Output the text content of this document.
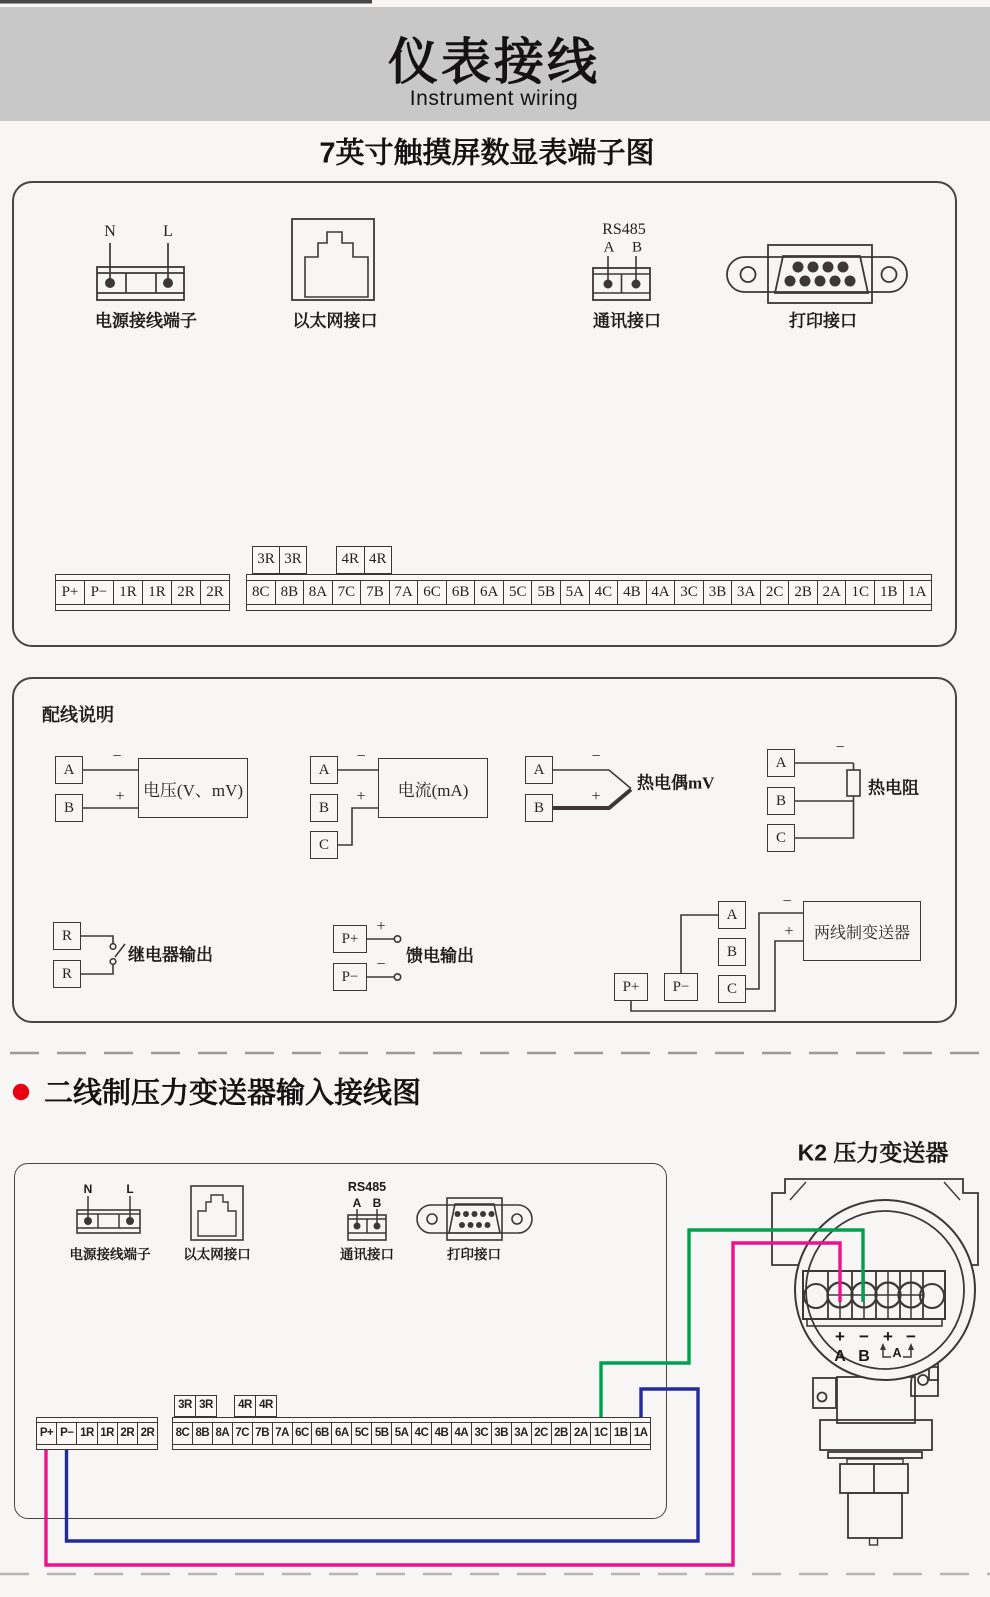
仪表接线
Instrument wiring
7英寸触摸屏数显表端子图
N	L
电源接线端子	以太网接口
RS485
A B
通讯接口	打印接口
3R 3R	4R 4R
P+ P− 1R 1R 2R 2R	8C 8B 8A 7C 7B 7A 6C 6B 6A 5C 5B 5A 4C 4B 4A 3C 3B 3A 2C 2B 2A 1C 1B 1A
配线说明
A
B
−
+ 电压(V、mV)
A
B
C
−
+	电流(mA)
A
B
−
+
热电偶mV
A
B
C
−
热电阻
R
R
继电器输出
P+
P−
+
− 馈电输出
P+	P−
A
B
C
−
+	两线制变送器
二线制压力变送器输入接线图
K2 压力变送器
N	L
电源接线端子 以太网接口
RS485
A B
通讯接口	打印接口
3R 3R 4R 4R
P+ P− 1R 1R 2R 2R 8C 8B 8A 7C 7B 7A 6C 6B 6A 5C 5B 5A 4C 4B 4A 3C 3B 3A 2C 2B 2A 1C 1B 1A
+ − + −
A B A
